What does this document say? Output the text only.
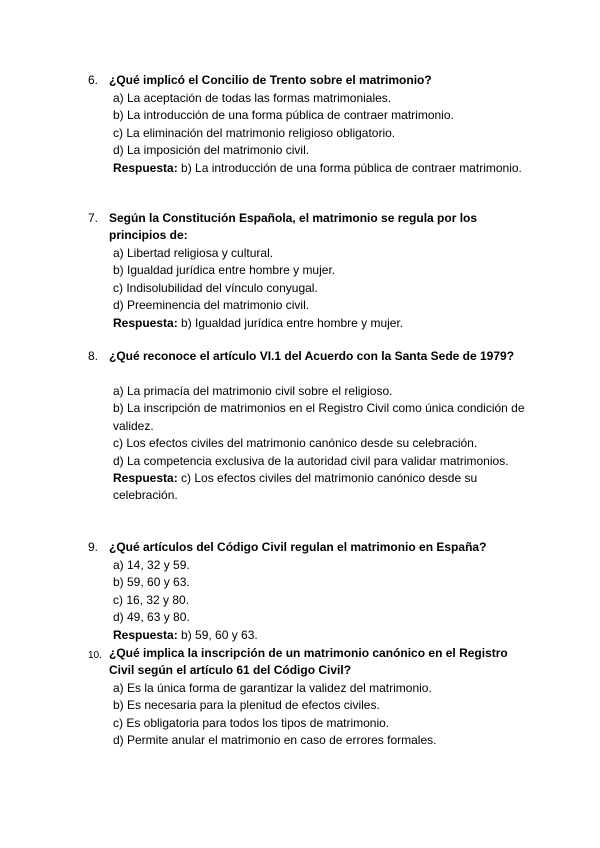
6. ¿Qué implicó el Concilio de Trento sobre el matrimonio?
a) La aceptación de todas las formas matrimoniales.
b) La introducción de una forma pública de contraer matrimonio.
c) La eliminación del matrimonio religioso obligatorio.
d) La imposición del matrimonio civil.
Respuesta: b) La introducción de una forma pública de contraer matrimonio.
7. Según la Constitución Española, el matrimonio se regula por los principios de:
a) Libertad religiosa y cultural.
b) Igualdad jurídica entre hombre y mujer.
c) Indisolubilidad del vínculo conyugal.
d) Preeminencia del matrimonio civil.
Respuesta: b) Igualdad jurídica entre hombre y mujer.
8. ¿Qué reconoce el artículo VI.1 del Acuerdo con la Santa Sede de 1979?
a) La primacía del matrimonio civil sobre el religioso.
b) La inscripción de matrimonios en el Registro Civil como única condición de validez.
c) Los efectos civiles del matrimonio canónico desde su celebración.
d) La competencia exclusiva de la autoridad civil para validar matrimonios.
Respuesta: c) Los efectos civiles del matrimonio canónico desde su celebración.
9. ¿Qué artículos del Código Civil regulan el matrimonio en España?
a) 14, 32 y 59.
b) 59, 60 y 63.
c) 16, 32 y 80.
d) 49, 63 y 80.
Respuesta: b) 59, 60 y 63.
10. ¿Qué implica la inscripción de un matrimonio canónico en el Registro Civil según el artículo 61 del Código Civil?
a) Es la única forma de garantizar la validez del matrimonio.
b) Es necesaria para la plenitud de efectos civiles.
c) Es obligatoria para todos los tipos de matrimonio.
d) Permite anular el matrimonio en caso de errores formales.
